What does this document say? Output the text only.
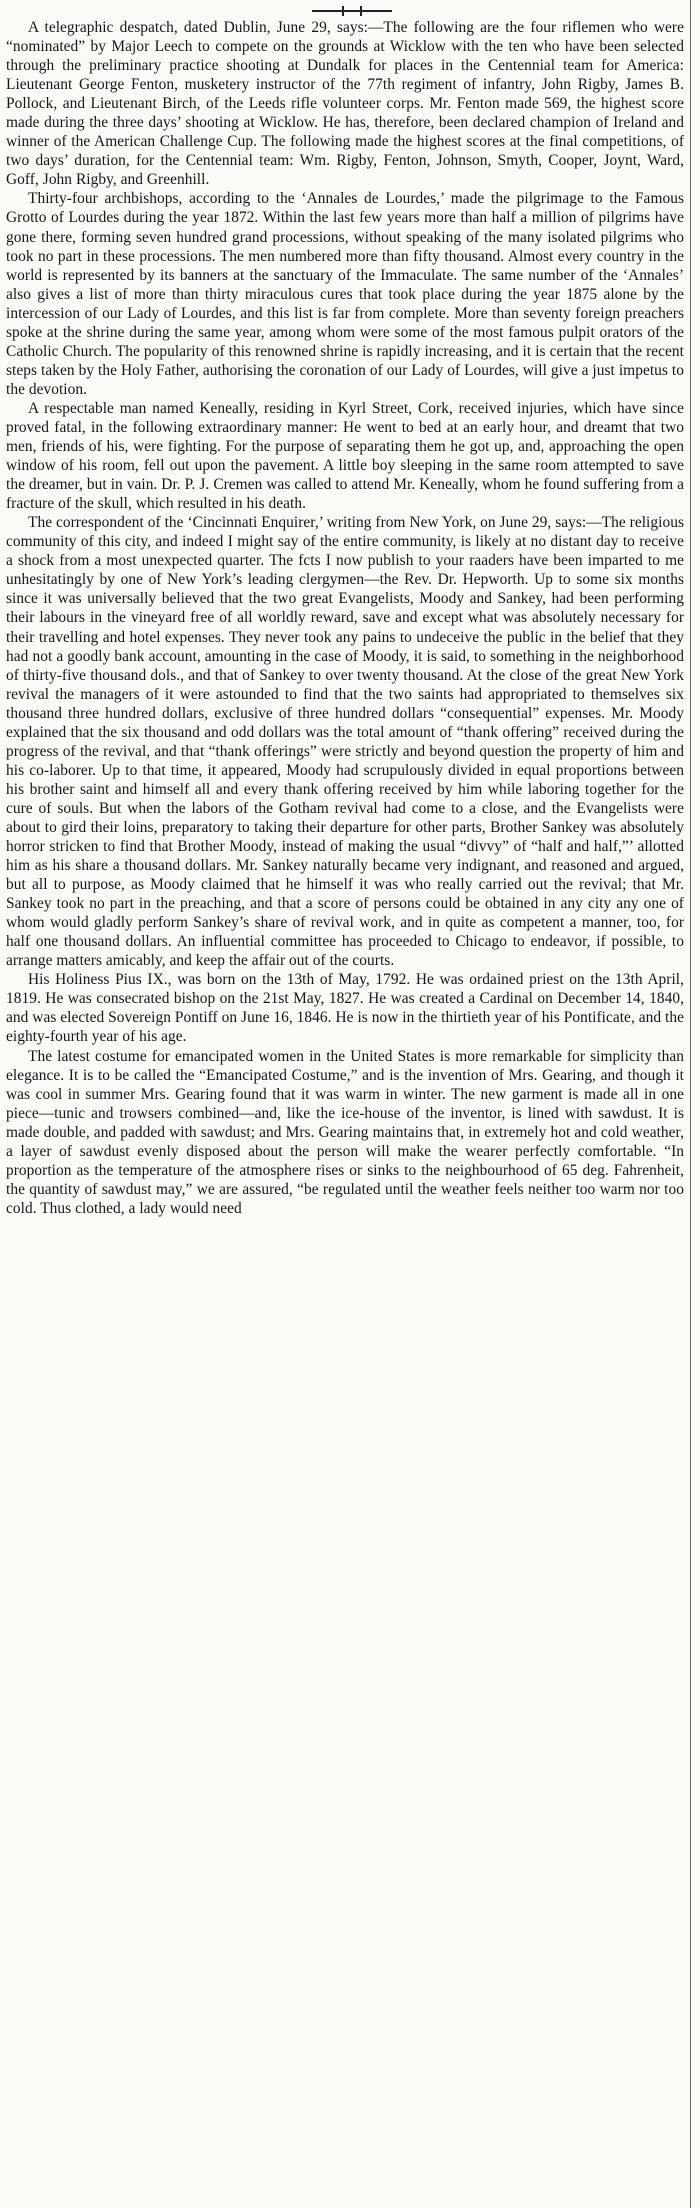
A telegraphic despatch, dated Dublin, June 29, says:—The following are the four riflemen who were “nominated” by Major Leech to compete on the grounds at Wicklow with the ten who have been selected through the preliminary practice shooting at Dundalk for places in the Centennial team for America: Lieutenant George Fenton, musketery instructor of the 77th regiment of infantry, John Rigby, James B. Pollock, and Lieutenant Birch, of the Leeds rifle volunteer corps. Mr. Fenton made 569, the highest score made during the three days’ shooting at Wicklow. He has, therefore, been declared champion of Ireland and winner of the American Challenge Cup. The following made the highest scores at the final competitions, of two days’ duration, for the Centennial team: Wm. Rigby, Fenton, Johnson, Smyth, Cooper, Joynt, Ward, Goff, John Rigby, and Greenhill.

Thirty-four archbishops, according to the ‘Annales de Lourdes,’ made the pilgrimage to the Famous Grotto of Lourdes during the year 1872. Within the last few years more than half a million of pilgrims have gone there, forming seven hundred grand processions, without speaking of the many isolated pilgrims who took no part in these processions. The men numbered more than fifty thousand. Almost every country in the world is represented by its banners at the sanctuary of the Immaculate. The same number of the ‘Annales’ also gives a list of more than thirty miraculous cures that took place during the year 1875 alone by the intercession of our Lady of Lourdes, and this list is far from complete. More than seventy foreign preachers spoke at the shrine during the same year, among whom were some of the most famous pulpit orators of the Catholic Church. The popularity of this renowned shrine is rapidly increasing, and it is certain that the recent steps taken by the Holy Father, authorising the coronation of our Lady of Lourdes, will give a just impetus to the devotion.

A respectable man named Keneally, residing in Kyrl Street, Cork, received injuries, which have since proved fatal, in the following extraordinary manner: He went to bed at an early hour, and dreamt that two men, friends of his, were fighting. For the purpose of separating them he got up, and, approaching the open window of his room, fell out upon the pavement. A little boy sleeping in the same room attempted to save the dreamer, but in vain. Dr. P. J. Cremen was called to attend Mr. Keneally, whom he found suffering from a fracture of the skull, which resulted in his death.

The correspondent of the ‘Cincinnati Enquirer,’ writing from New York, on June 29, says:—The religious community of this city, and indeed I might say of the entire community, is likely at no distant day to receive a shock from a most unexpected quarter. The fcts I now publish to your raaders have been imparted to me unhesitatingly by one of New York’s leading clergymen—the Rev. Dr. Hepworth. Up to some six months since it was universally believed that the two great Evangelists, Moody and Sankey, had been performing their labours in the vineyard free of all worldly reward, save and except what was absolutely necessary for their travelling and hotel expenses. They never took any pains to undeceive the public in the belief that they had not a goodly bank account, amounting in the case of Moody, it is said, to something in the neighborhood of thirty-five thousand dols., and that of Sankey to over twenty thousand. At the close of the great New York revival the managers of it were astounded to find that the two saints had appropriated to themselves six thousand three hundred dollars, exclusive of three hundred dollars “consequential” expenses. Mr. Moody explained that the six thousand and odd dollars was the total amount of “thank offering” received during the progress of the revival, and that “thank offerings” were strictly and beyond question the property of him and his co-laborer. Up to that time, it appeared, Moody had scrupulously divided in equal proportions between his brother saint and himself all and every thank offering received by him while laboring together for the cure of souls. But when the labors of the Gotham revival had come to a close, and the Evangelists were about to gird their loins, preparatory to taking their departure for other parts, Brother Sankey was absolutely horror stricken to find that Brother Moody, instead of making the usual “divvy” of “half and half,”’ allotted him as his share a thousand dollars. Mr. Sankey naturally became very indignant, and reasoned and argued, but all to purpose, as Moody claimed that he himself it was who really carried out the revival; that Mr. Sankey took no part in the preaching, and that a score of persons could be obtained in any city any one of whom would gladly perform Sankey’s share of revival work, and in quite as competent a manner, too, for half one thousand dollars. An influential committee has proceeded to Chicago to endeavor, if possible, to arrange matters amicably, and keep the affair out of the courts.

His Holiness Pius IX., was born on the 13th of May, 1792. He was ordained priest on the 13th April, 1819. He was consecrated bishop on the 21st May, 1827. He was created a Cardinal on December 14, 1840, and was elected Sovereign Pontiff on June 16, 1846. He is now in the thirtieth year of his Pontificate, and the eighty-fourth year of his age.

The latest costume for emancipated women in the United States is more remarkable for simplicity than elegance. It is to be called the “Emancipated Costume,” and is the invention of Mrs. Gearing, and though it was cool in summer Mrs. Gearing found that it was warm in winter. The new garment is made all in one piece—tunic and trowsers combined—and, like the ice-house of the inventor, is lined with sawdust. It is made double, and padded with sawdust; and Mrs. Gearing maintains that, in extremely hot and cold weather, a layer of sawdust evenly disposed about the person will make the wearer perfectly comfortable. “In proportion as the temperature of the atmosphere rises or sinks to the neighbourhood of 65 deg. Fahrenheit, the quantity of sawdust may,” we are assured, “be regulated until the weather feels neither too warm nor too cold. Thus clothed, a lady would need
